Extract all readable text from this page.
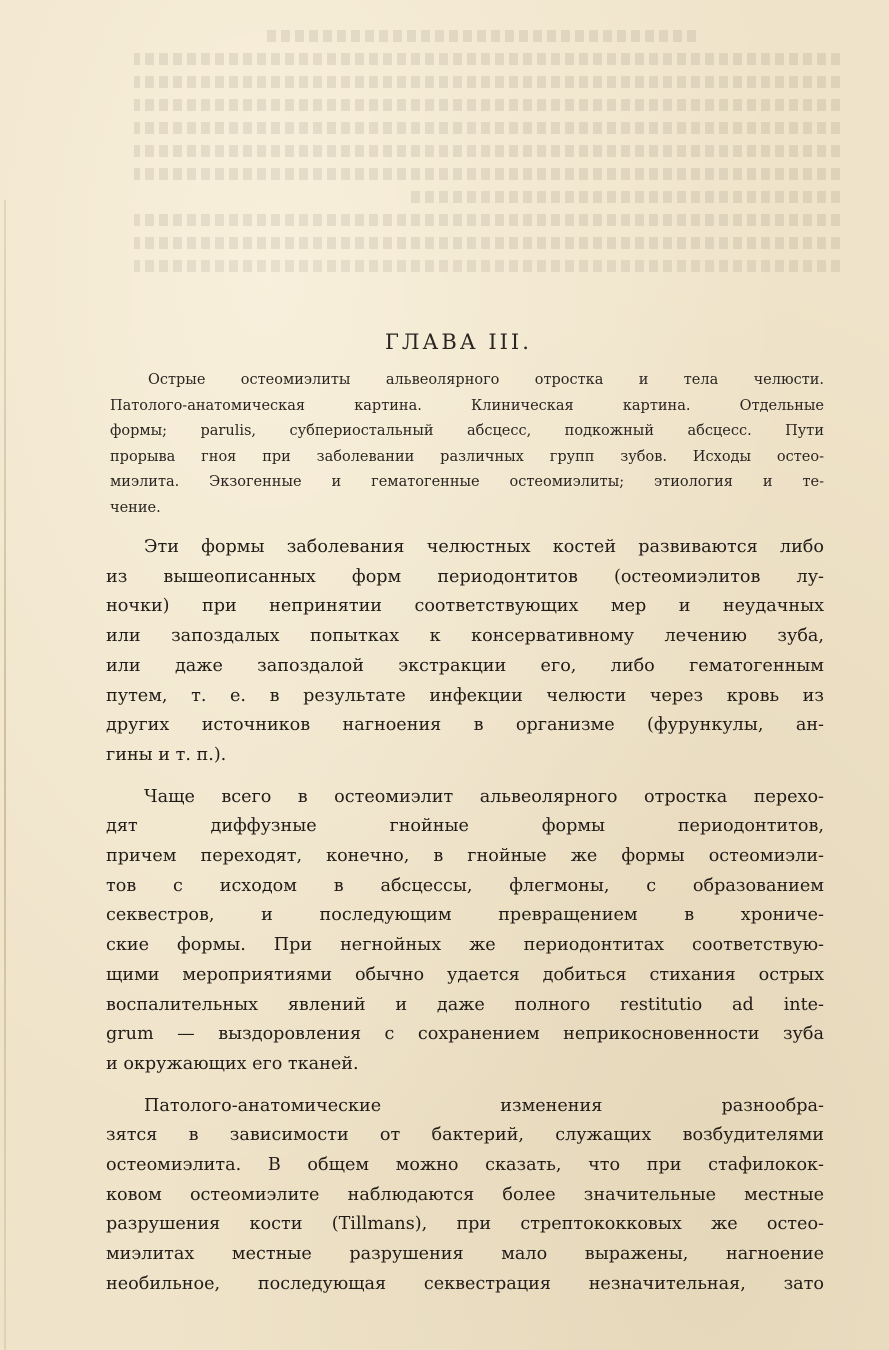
ГЛАВА III.
Острые остеомиэлиты альвеолярного отростка и тела челюсти.
Патолого-анатомическая картина. Клиническая картина. Отдельные
формы; parulis, субпериостальный абсцесс, подкожный абсцесс. Пути
прорыва гноя при заболевании различных групп зубов. Исходы остео-
миэлита. Экзогенные и гематогенные остеомиэлиты; этиология и те-
чение.
Эти формы заболевания челюстных костей развиваются либо
из вышеописанных форм периодонтитов (остеомиэлитов лу-
ночки) при непринятии соответствующих мер и неудачных
или запоздалых попытках к консервативному лечению зуба,
или даже запоздалой экстракции его, либо гематогенным
путем, т. е. в результате инфекции челюсти через кровь из
других источников нагноения в организме (фурункулы, ан-
гины и т. п.).
Чаще всего в остеомиэлит альвеолярного отростка перехо-
дят диффузные гнойные формы периодонтитов,
причем переходят, конечно, в гнойные же формы остеомиэли-
тов с исходом в абсцессы, флегмоны, с образованием
секвестров, и последующим превращением в хрониче-
ские формы. При негнойных же периодонтитах соответствую-
щими мероприятиями обычно удается добиться стихания острых
воспалительных явлений и даже полного restitutio ad inte-
grum — выздоровления с сохранением неприкосновенности зуба
и окружающих его тканей.
Патолого-анатомические изменения разнообра-
зятся в зависимости от бактерий, служащих возбудителями
остеомиэлита. В общем можно сказать, что при стафилокок-
ковом остеомиэлите наблюдаются более значительные местные
разрушения кости (Tillmans), при стрептококковых же остео-
миэлитах местные разрушения мало выражены, нагноение
необильное, последующая секвестрация незначительная, зато
